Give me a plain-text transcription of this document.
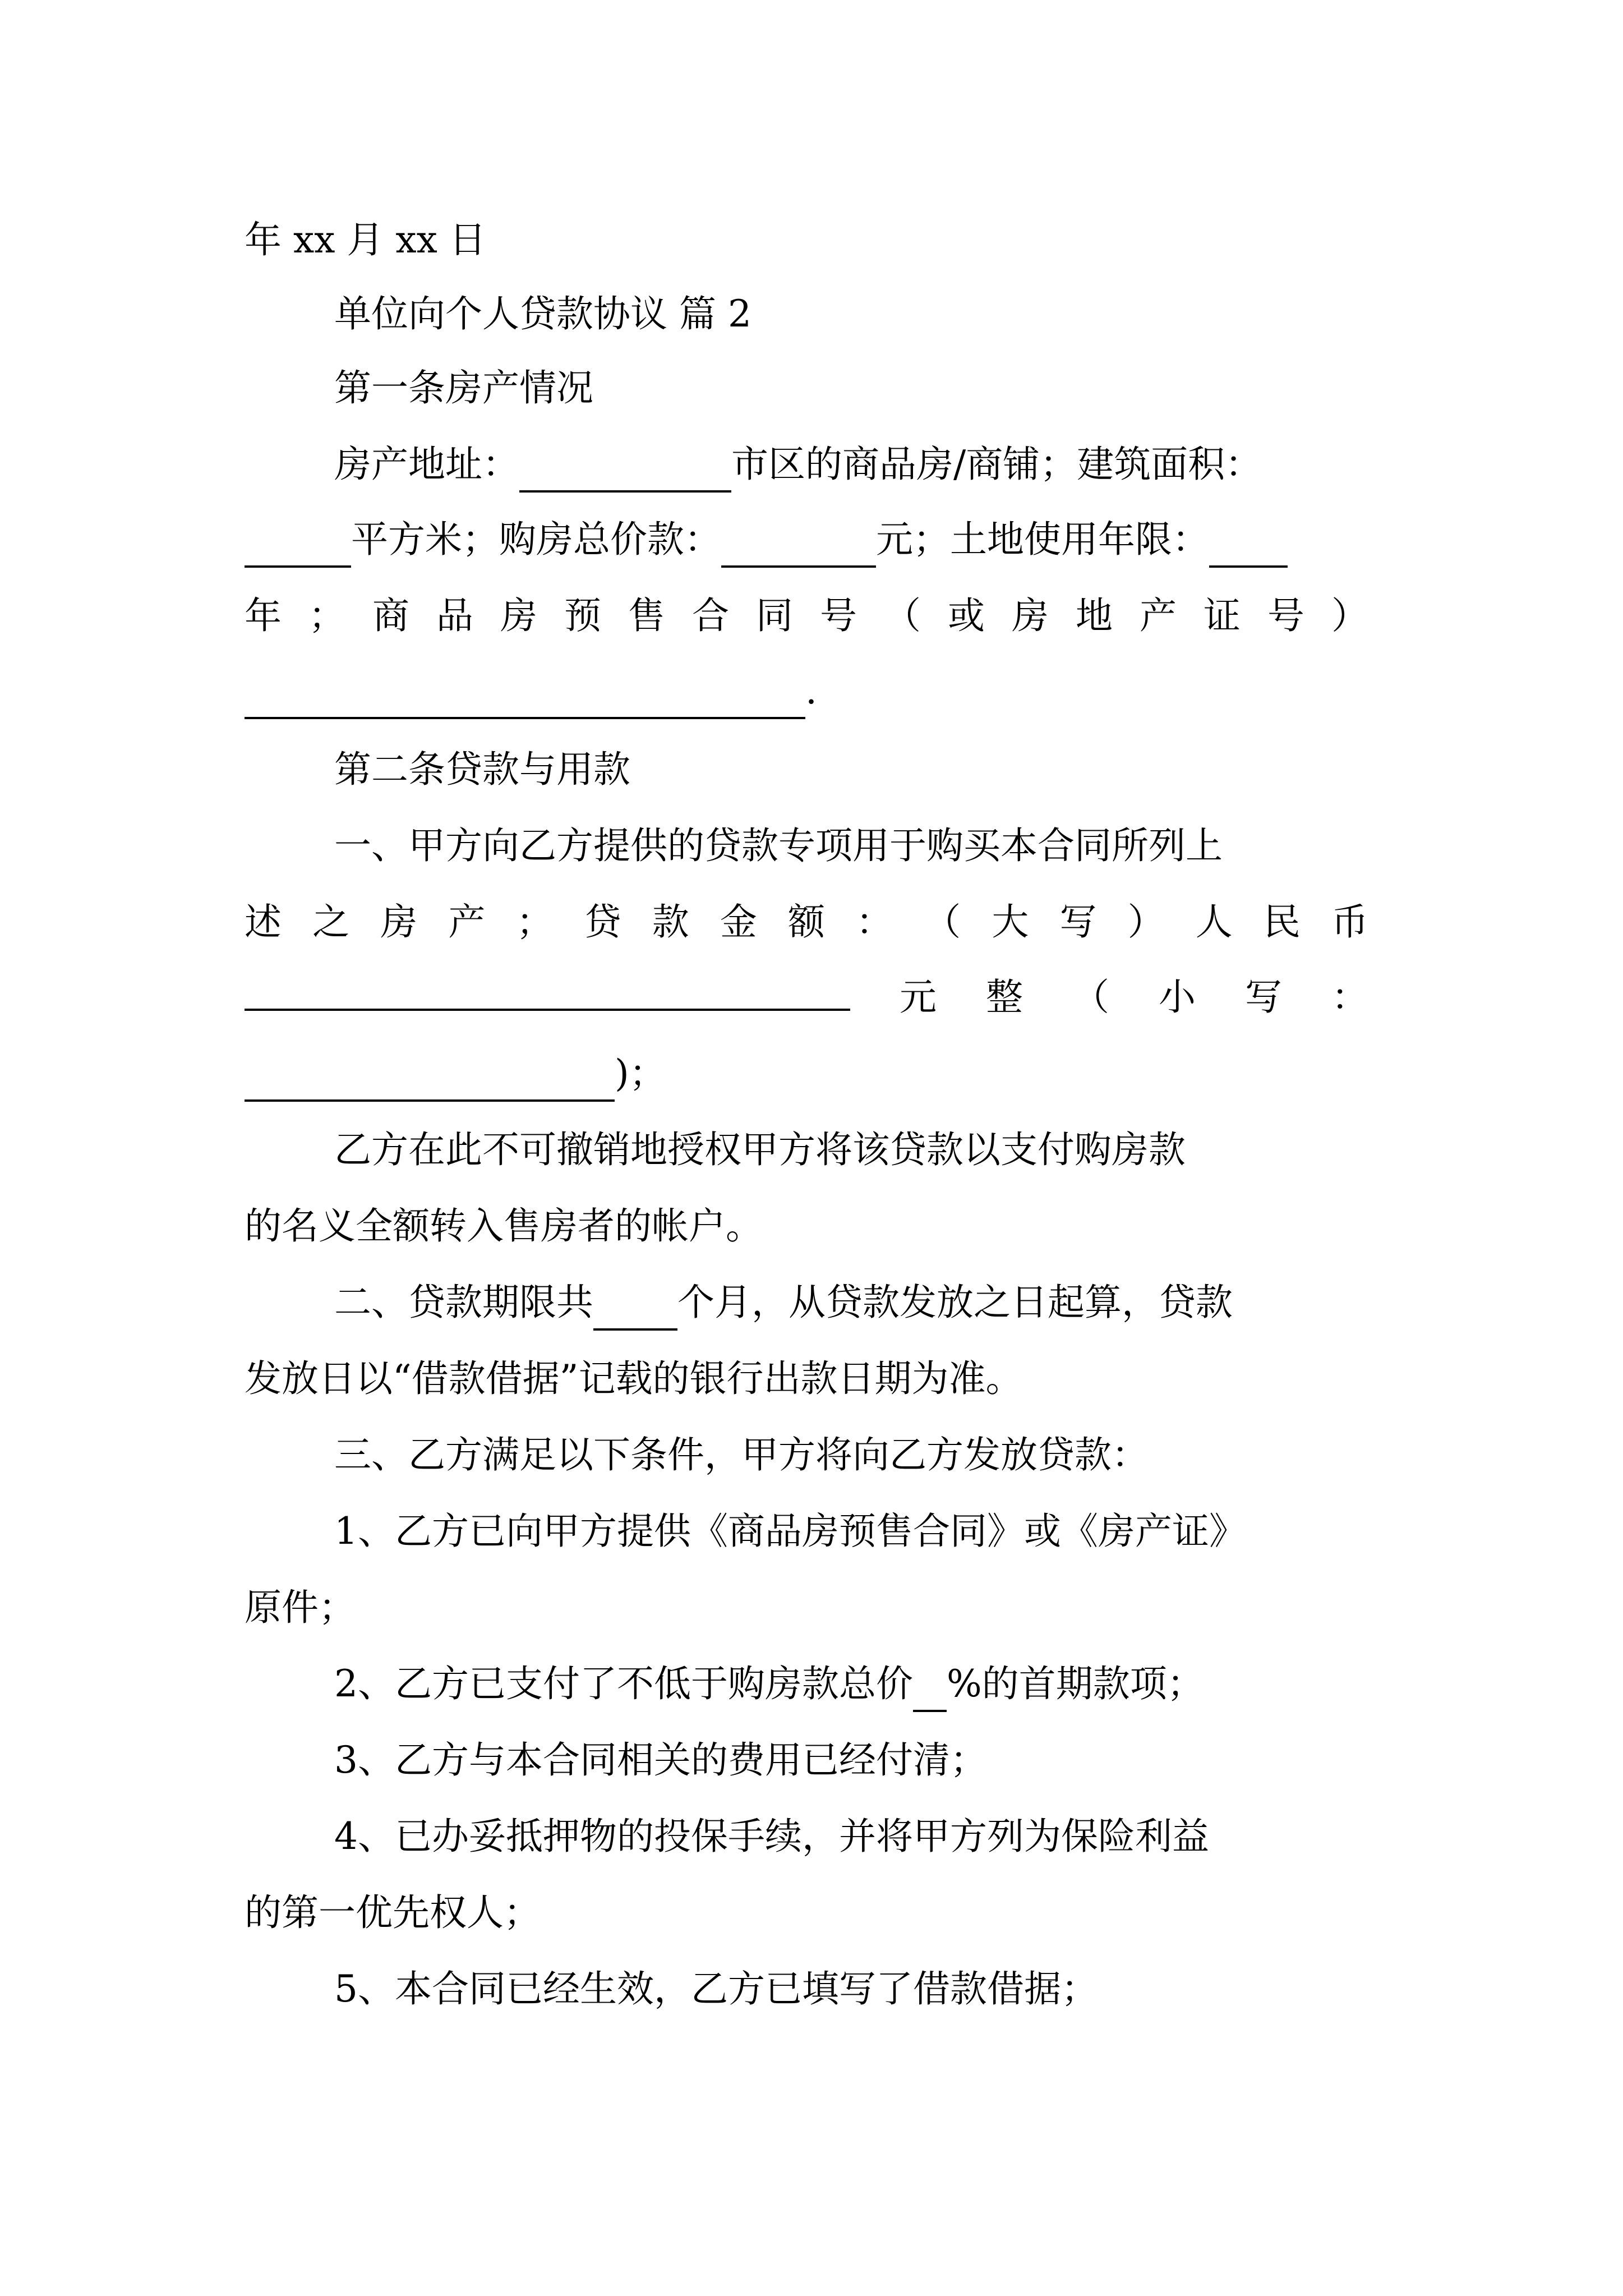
年 xx 月 xx 日
单位向个人贷款协议 篇 2
第一条房产情况
房产地址：	市区的商品房/商铺；建筑面积：
平方米；购房总价款：	元；土地使用年限：
年 ； 商 品 房 预 售 合 同 号 （ 或 房 地 产 证 号 ）
.
第二条贷款与用款
一、甲方向乙方提供的贷款专项用于购买本合同所列上
述 之 房 产 ； 贷 款 金 额 ： （ 大 写 ） 人 民 币
元 整 （ 小 写 ：
)；
乙方在此不可撤销地授权甲方将该贷款以支付购房款
的名义全额转入售房者的帐户。
二、贷款期限共 个月，从贷款发放之日起算，贷款
发放日以“借款借据”记载的银行出款日期为准。
三、乙方满足以下条件，甲方将向乙方发放贷款：
1、乙方已向甲方提供《商品房预售合同》或《房产证》
原件；
2、乙方已支付了不低于购房款总价 %的首期款项；
3、乙方与本合同相关的费用已经付清；
4、已办妥抵押物的投保手续，并将甲方列为保险利益
的第一优先权人；
5、本合同已经生效，乙方已填写了借款借据；
